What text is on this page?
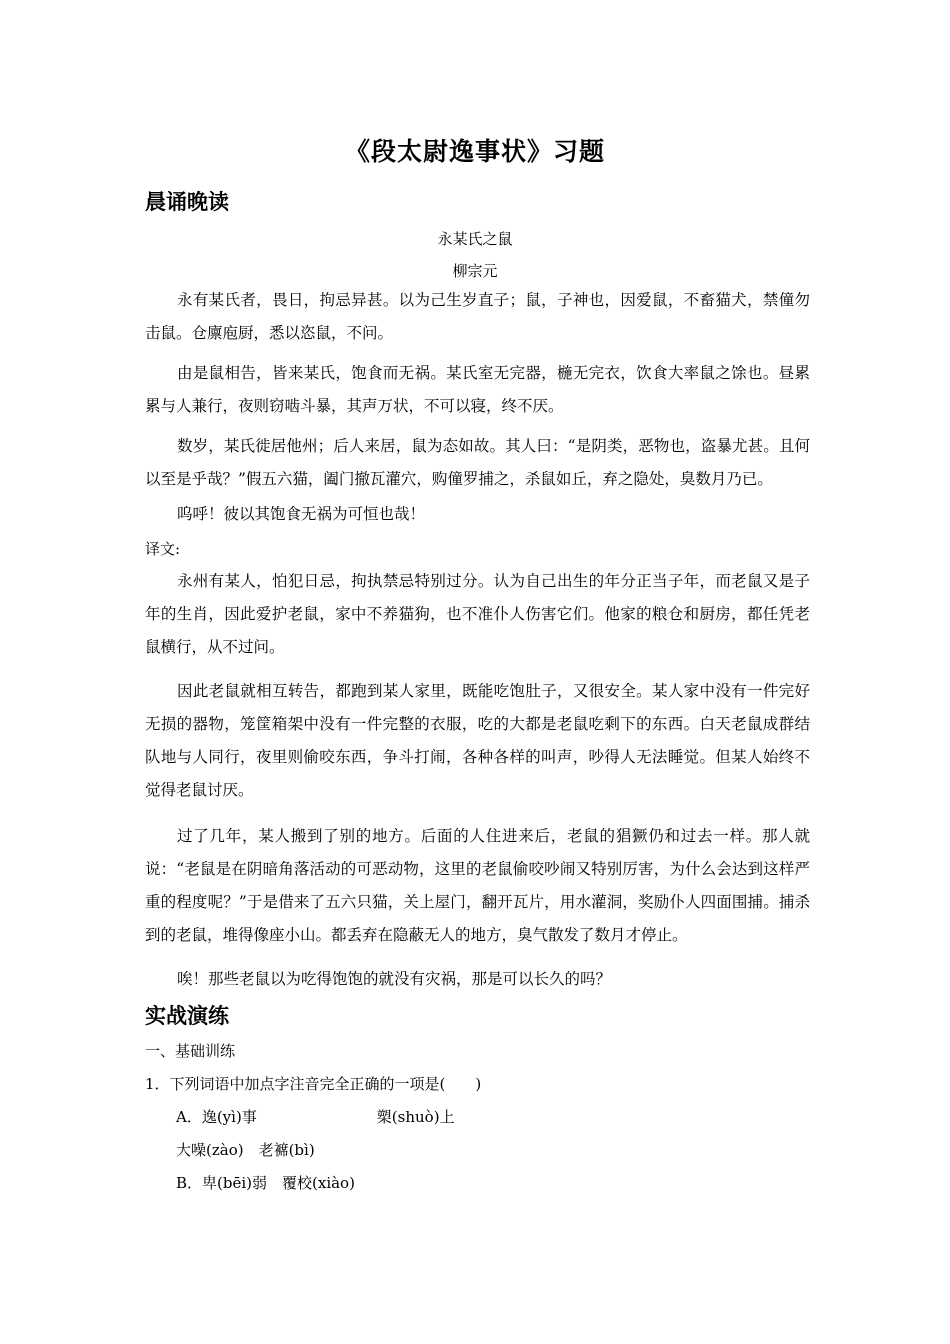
《段太尉逸事状》习题
晨诵晚读
永某氏之鼠
柳宗元
永有某氏者，畏日，拘忌异甚。以为己生岁直子；鼠，子神也，因爱鼠，不畜猫犬，禁僮勿击鼠。仓廪庖厨，悉以恣鼠，不问。
由是鼠相告，皆来某氏，饱食而无祸。某氏室无完器，椸无完衣，饮食大率鼠之馀也。昼累累与人兼行，夜则窃啮斗暴，其声万状，不可以寝，终不厌。
数岁，某氏徙居他州；后人来居，鼠为态如故。其人曰：“是阴类，恶物也，盗暴尤甚。且何以至是乎哉？”假五六猫，阖门撤瓦灌穴，购僮罗捕之，杀鼠如丘，弃之隐处，臭数月乃已。
呜呼！彼以其饱食无祸为可恒也哉！
译文:
永州有某人，怕犯日忌，拘执禁忌特别过分。认为自己出生的年分正当子年，而老鼠又是子年的生肖，因此爱护老鼠，家中不养猫狗，也不准仆人伤害它们。他家的粮仓和厨房，都任凭老鼠横行，从不过问。
因此老鼠就相互转告，都跑到某人家里，既能吃饱肚子，又很安全。某人家中没有一件完好无损的器物，笼筐箱架中没有一件完整的衣服，吃的大都是老鼠吃剩下的东西。白天老鼠成群结队地与人同行，夜里则偷咬东西，争斗打闹，各种各样的叫声，吵得人无法睡觉。但某人始终不觉得老鼠讨厌。
过了几年，某人搬到了别的地方。后面的人住进来后，老鼠的猖獗仍和过去一样。那人就说：“老鼠是在阴暗角落活动的可恶动物，这里的老鼠偷咬吵闹又特别厉害，为什么会达到这样严重的程度呢？”于是借来了五六只猫，关上屋门，翻开瓦片，用水灌洞，奖励仆人四面围捕。捕杀到的老鼠，堆得像座小山。都丢弃在隐蔽无人的地方，臭气散发了数月才停止。
唉！那些老鼠以为吃得饱饱的就没有灾祸，那是可以长久的吗？
实战演练
一、基础训练
1．下列词语中加点字注音完全正确的一项是(　　)
A．逸(yì)事　　　　　　　　槊(shuò)上
大噪(zào)　老褯(bì)
B．卑(bēi)弱　覆校(xiào)
